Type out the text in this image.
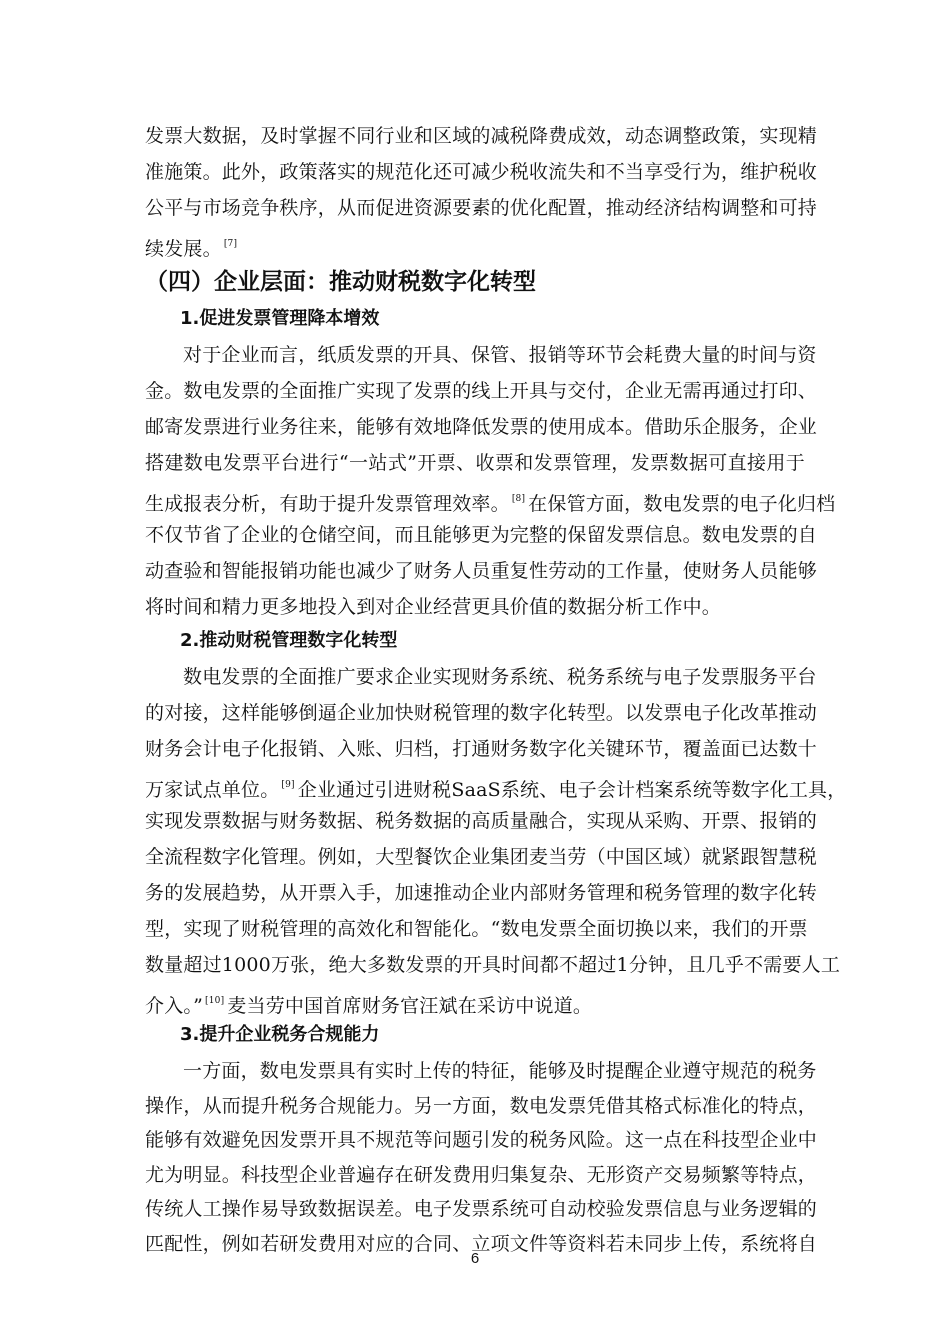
发票大数据，及时掌握不同行业和区域的减税降费成效，动态调整政策，实现精
准施策。此外，政策落实的规范化还可减少税收流失和不当享受行为，维护税收
公平与市场竞争秩序，从而促进资源要素的优化配置，推动经济结构调整和可持
续发展。 [7]
（四）企业层面：推动财税数字化转型
1.促进发票管理降本增效
对于企业而言，纸质发票的开具、保管、报销等环节会耗费大量的时间与资
金。数电发票的全面推广实现了发票的线上开具与交付，企业无需再通过打印、
邮寄发票进行业务往来，能够有效地降低发票的使用成本。借助乐企服务，企业
搭建数电发票平台进行“一站式”开票、收票和发票管理，发票数据可直接用于
生成报表分析，有助于提升发票管理效率。 [8] 在保管方面，数电发票的电子化归档
不仅节省了企业的仓储空间，而且能够更为完整的保留发票信息。数电发票的自
动查验和智能报销功能也减少了财务人员重复性劳动的工作量，使财务人员能够
将时间和精力更多地投入到对企业经营更具价值的数据分析工作中。
2.推动财税管理数字化转型
数电发票的全面推广要求企业实现财务系统、税务系统与电子发票服务平台
的对接，这样能够倒逼企业加快财税管理的数字化转型。以发票电子化改革推动
财务会计电子化报销、入账、归档，打通财务数字化关键环节，覆盖面已达数十
万家试点单位。 [9] 企业通过引进财税SaaS系统、电子会计档案系统等数字化工具，
实现发票数据与财务数据、税务数据的高质量融合，实现从采购、开票、报销的
全流程数字化管理。例如，大型餐饮企业集团麦当劳（中国区域）就紧跟智慧税
务的发展趋势，从开票入手，加速推动企业内部财务管理和税务管理的数字化转
型，实现了财税管理的高效化和智能化。“数电发票全面切换以来，我们的开票
数量超过1000万张，绝大多数发票的开具时间都不超过1分钟，且几乎不需要人工
介入。” [10] 麦当劳中国首席财务官汪斌在采访中说道。
3.提升企业税务合规能力
一方面，数电发票具有实时上传的特征，能够及时提醒企业遵守规范的税务
操作，从而提升税务合规能力。另一方面，数电发票凭借其格式标准化的特点，
能够有效避免因发票开具不规范等问题引发的税务风险。这一点在科技型企业中
尤为明显。科技型企业普遍存在研发费用归集复杂、无形资产交易频繁等特点，
传统人工操作易导致数据误差。电子发票系统可自动校验发票信息与业务逻辑的
6
匹配性，例如若研发费用对应的合同、立项文件等资料若未同步上传，系统将自
